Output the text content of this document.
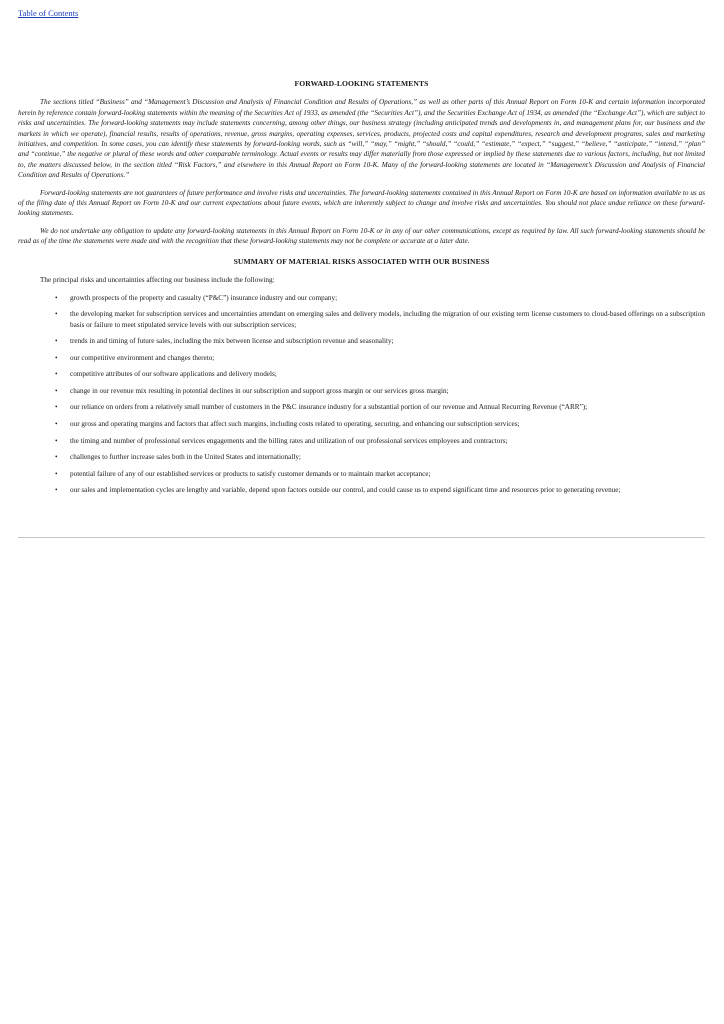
Table of Contents
FORWARD-LOOKING STATEMENTS

The sections titled “Business” and “Management’s Discussion and Analysis of Financial Condition and Results of Operations,” as well as other parts of this Annual Report on Form 10-K and certain information incorporated herein by reference contain forward-looking statements within the meaning of the Securities Act of 1933, as amended (the “Securities Act”), and the Securities Exchange Act of 1934, as amended (the “Exchange Act”), which are subject to risks and uncertainties. The forward-looking statements may include statements concerning, among other things, our business strategy (including anticipated trends and developments in, and management plans for, our business and the markets in which we operate), financial results, results of operations, revenue, gross margins, operating expenses, services, products, projected costs and capital expenditures, research and development programs, sales and marketing initiatives, and competition. In some cases, you can identify these statements by forward-looking words, such as “will,” “may,” “might,” “should,” “could,” “estimate,” “expect,” “suggest,” “believe,” “anticipate,” “intend,” “plan” and “continue,” the negative or plural of these words and other comparable terminology. Actual events or results may differ materially from those expressed or implied by these statements due to various factors, including, but not limited to, the matters discussed below, in the section titled “Risk Factors,” and elsewhere in this Annual Report on Form 10-K. Many of the forward-looking statements are located in “Management’s Discussion and Analysis of Financial Condition and Results of Operations.”

Forward-looking statements are not guarantees of future performance and involve risks and uncertainties. The forward-looking statements contained in this Annual Report on Form 10-K are based on information available to us as of the filing date of this Annual Report on Form 10-K and our current expectations about future events, which are inherently subject to change and involve risks and uncertainties. You should not place undue reliance on these forward-looking statements.

We do not undertake any obligation to update any forward-looking statements in this Annual Report on Form 10-K or in any of our other communications, except as required by law. All such forward-looking statements should be read as of the time the statements were made and with the recognition that these forward-looking statements may not be complete or accurate at a later date.

SUMMARY OF MATERIAL RISKS ASSOCIATED WITH OUR BUSINESS

The principal risks and uncertainties affecting our business include the following:

• growth prospects of the property and casualty (“P&C”) insurance industry and our company;
• the developing market for subscription services and uncertainties attendant on emerging sales and delivery models, including the migration of our existing term license customers to cloud-based offerings on a subscription basis or failure to meet stipulated service levels with our subscription services;
• trends in and timing of future sales, including the mix between license and subscription revenue and seasonality;
• our competitive environment and changes thereto;
• competitive attributes of our software applications and delivery models;
• change in our revenue mix resulting in potential declines in our subscription and support gross margin or our services gross margin;
• our reliance on orders from a relatively small number of customers in the P&C insurance industry for a substantial portion of our revenue and Annual Recurring Revenue (“ARR”);
• our gross and operating margins and factors that affect such margins, including costs related to operating, securing, and enhancing our subscription services;
• the timing and number of professional services engagements and the billing rates and utilization of our professional services employees and contractors;
• challenges to further increase sales both in the United States and internationally;
• potential failure of any of our established services or products to satisfy customer demands or to maintain market acceptance;
• our sales and implementation cycles are lengthy and variable, depend upon factors outside our control, and could cause us to expend significant time and resources prior to generating revenue;
